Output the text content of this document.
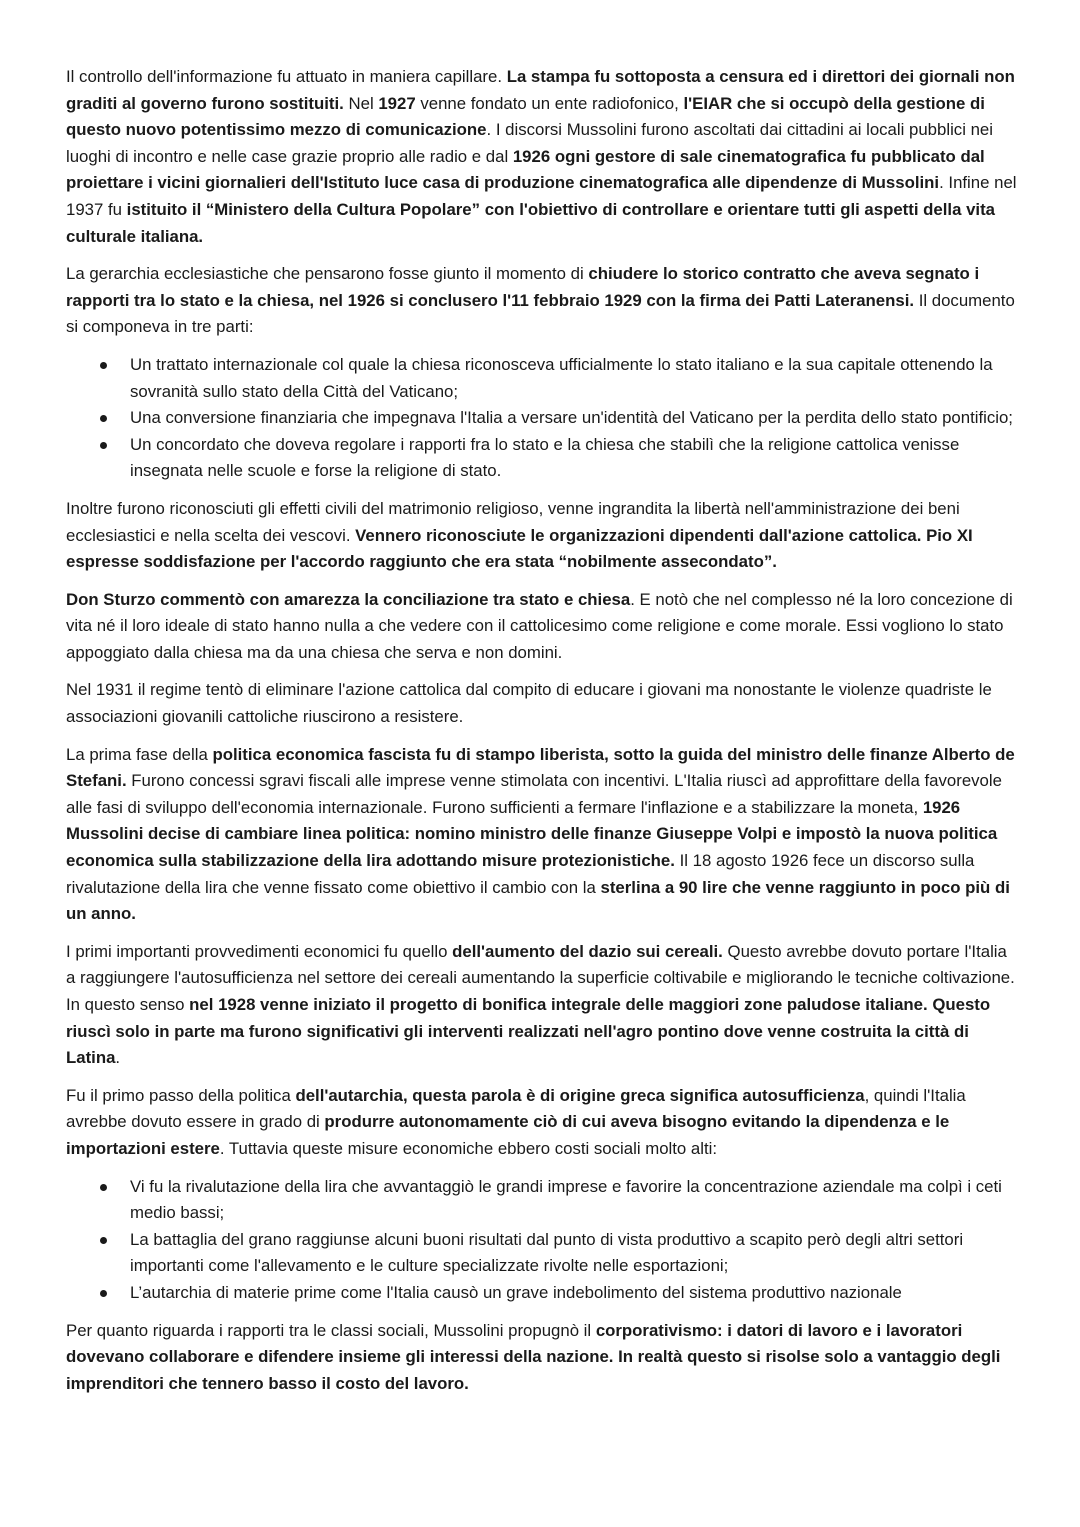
Il controllo dell'informazione fu attuato in maniera capillare. La stampa fu sottoposta a censura ed i direttori dei giornali non graditi al governo furono sostituiti. Nel 1927 venne fondato un ente radiofonico, l'EIAR che si occupò della gestione di questo nuovo potentissimo mezzo di comunicazione. I discorsi Mussolini furono ascoltati dai cittadini ai locali pubblici nei luoghi di incontro e nelle case grazie proprio alle radio e dal 1926 ogni gestore di sale cinematografica fu pubblicato dal proiettare i vicini giornalieri dell'Istituto luce casa di produzione cinematografica alle dipendenze di Mussolini. Infine nel 1937 fu istituito il “Ministero della Cultura Popolare” con l'obiettivo di controllare e orientare tutti gli aspetti della vita culturale italiana.

La gerarchia ecclesiastiche che pensarono fosse giunto il momento di chiudere lo storico contratto che aveva segnato i rapporti tra lo stato e la chiesa, nel 1926 si conclusero l'11 febbraio 1929 con la firma dei Patti Lateranensi. Il documento si componeva in tre parti:

Un trattato internazionale col quale la chiesa riconosceva ufficialmente lo stato italiano e la sua capitale ottenendo la sovranità sullo stato della Città del Vaticano;
Una conversione finanziaria che impegnava l'Italia a versare un'identità del Vaticano per la perdita dello stato pontificio;
Un concordato che doveva regolare i rapporti fra lo stato e la chiesa che stabilì che la religione cattolica venisse insegnata nelle scuole e forse la religione di stato.

Inoltre furono riconosciuti gli effetti civili del matrimonio religioso, venne ingrandita la libertà nell'amministrazione dei beni ecclesiastici e nella scelta dei vescovi. Vennero riconosciute le organizzazioni dipendenti dall'azione cattolica. Pio XI espresse soddisfazione per l'accordo raggiunto che era stata “nobilmente assecondato”.

Don Sturzo commentò con amarezza la conciliazione tra stato e chiesa. E notò che nel complesso né la loro concezione di vita né il loro ideale di stato hanno nulla a che vedere con il cattolicesimo come religione e come morale. Essi vogliono lo stato appoggiato dalla chiesa ma da una chiesa che serva e non domini.

Nel 1931 il regime tentò di eliminare l'azione cattolica dal compito di educare i giovani ma nonostante le violenze quadriste le associazioni giovanili cattoliche riuscirono a resistere.

La prima fase della politica economica fascista fu di stampo liberista, sotto la guida del ministro delle finanze Alberto de Stefani. Furono concessi sgravi fiscali alle imprese venne stimolata con incentivi. L'Italia riuscì ad approfittare della favorevole alle fasi di sviluppo dell'economia internazionale. Furono sufficienti a fermare l'inflazione e a stabilizzare la moneta, 1926 Mussolini decise di cambiare linea politica: nomino ministro delle finanze Giuseppe Volpi e impostò la nuova politica economica sulla stabilizzazione della lira adottando misure protezionistiche. Il 18 agosto 1926 fece un discorso sulla rivalutazione della lira che venne fissato come obiettivo il cambio con la sterlina a 90 lire che venne raggiunto in poco più di un anno.

I primi importanti provvedimenti economici fu quello dell'aumento del dazio sui cereali. Questo avrebbe dovuto portare l'Italia a raggiungere l'autosufficienza nel settore dei cereali aumentando la superficie coltivabile e migliorando le tecniche coltivazione. In questo senso nel 1928 venne iniziato il progetto di bonifica integrale delle maggiori zone paludose italiane. Questo riuscì solo in parte ma furono significativi gli interventi realizzati nell'agro pontino dove venne costruita la città di Latina.

Fu il primo passo della politica dell'autarchia, questa parola è di origine greca significa autosufficienza, quindi l'Italia avrebbe dovuto essere in grado di produrre autonomamente ciò di cui aveva bisogno evitando la dipendenza e le importazioni estere. Tuttavia queste misure economiche ebbero costi sociali molto alti:

Vi fu la rivalutazione della lira che avvantaggiò le grandi imprese e favorire la concentrazione aziendale ma colpì i ceti medio bassi;
La battaglia del grano raggiunse alcuni buoni risultati dal punto di vista produttivo a scapito però degli altri settori importanti come l'allevamento e le culture specializzate rivolte nelle esportazioni;
L’autarchia di materie prime come l'Italia causò un grave indebolimento del sistema produttivo nazionale

Per quanto riguarda i rapporti tra le classi sociali, Mussolini propugnò il corporativismo: i datori di lavoro e i lavoratori dovevano collaborare e difendere insieme gli interessi della nazione. In realtà questo si risolse solo a vantaggio degli imprenditori che tennero basso il costo del lavoro.
